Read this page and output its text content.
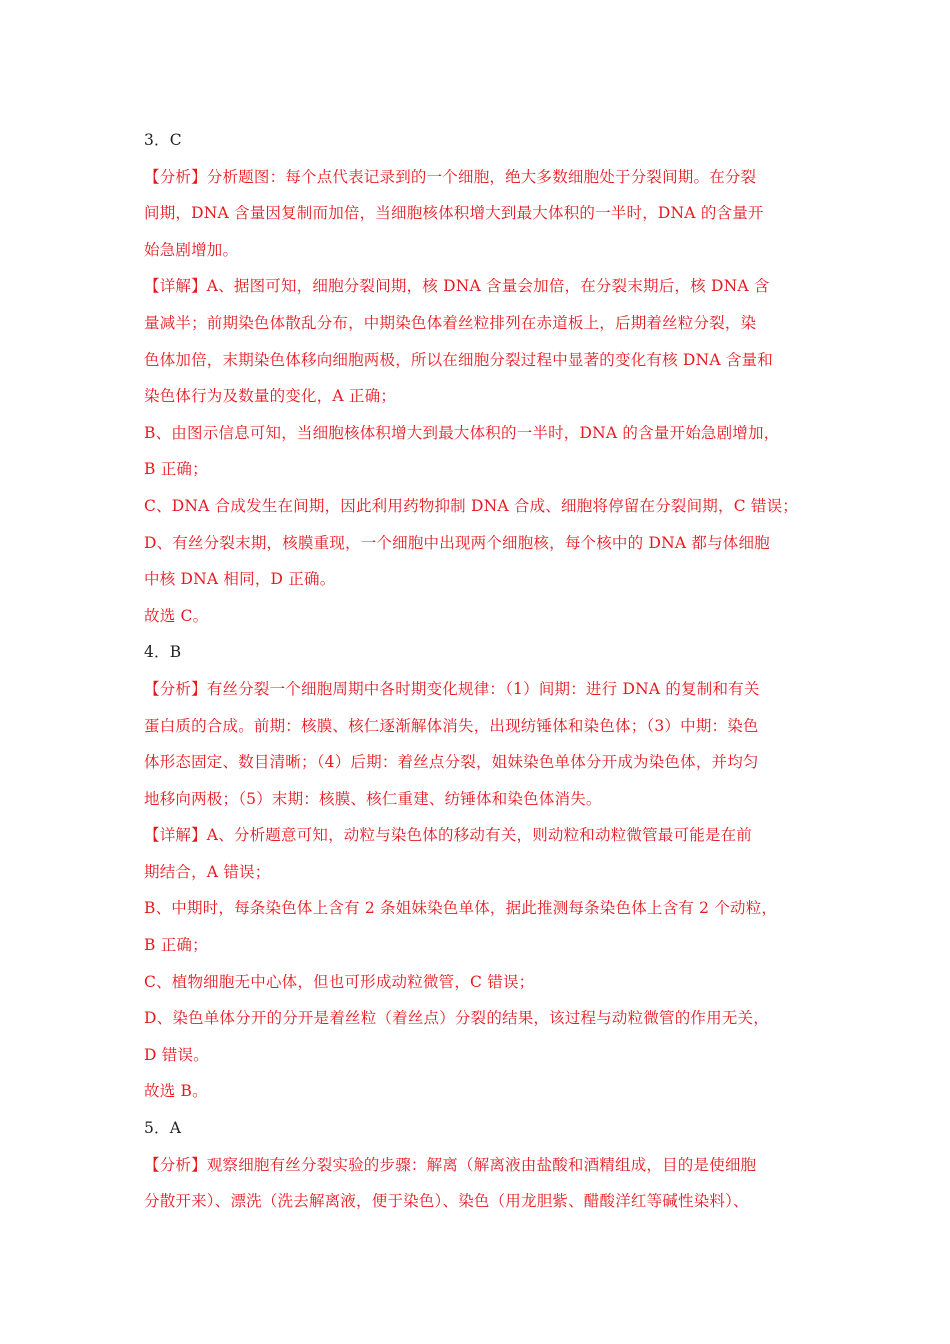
3．C
【分析】分析题图：每个点代表记录到的一个细胞，绝大多数细胞处于分裂间期。在分裂
间期，DNA 含量因复制而加倍，当细胞核体积增大到最大体积的一半时，DNA 的含量开
始急剧增加。
【详解】A、据图可知，细胞分裂间期，核 DNA 含量会加倍，在分裂末期后，核 DNA 含
量减半；前期染色体散乱分布，中期染色体着丝粒排列在赤道板上，后期着丝粒分裂，染
色体加倍，末期染色体移向细胞两极，所以在细胞分裂过程中显著的变化有核 DNA 含量和
染色体行为及数量的变化，A 正确；
B、由图示信息可知，当细胞核体积增大到最大体积的一半时，DNA 的含量开始急剧增加，
B 正确；
C、DNA 合成发生在间期，因此利用药物抑制 DNA 合成、细胞将停留在分裂间期，C 错误；
D、有丝分裂末期，核膜重现，一个细胞中出现两个细胞核，每个核中的 DNA 都与体细胞
中核 DNA 相同，D 正确。
故选 C。
4．B
【分析】有丝分裂一个细胞周期中各时期变化规律：（1）间期：进行 DNA 的复制和有关
蛋白质的合成。前期：核膜、核仁逐渐解体消失，出现纺锤体和染色体；（3）中期：染色
体形态固定、数目清晰；（4）后期：着丝点分裂，姐妹染色单体分开成为染色体，并均匀
地移向两极；（5）末期：核膜、核仁重建、纺锤体和染色体消失。
【详解】A、分析题意可知，动粒与染色体的移动有关，则动粒和动粒微管最可能是在前
期结合，A 错误；
B、中期时，每条染色体上含有 2 条姐妹染色单体，据此推测每条染色体上含有 2 个动粒，
B 正确；
C、植物细胞无中心体，但也可形成动粒微管，C 错误；
D、染色单体分开的分开是着丝粒（着丝点）分裂的结果，该过程与动粒微管的作用无关，
D 错误。
故选 B。
5．A
【分析】观察细胞有丝分裂实验的步骤：解离（解离液由盐酸和酒精组成，目的是使细胞
分散开来）、漂洗（洗去解离液，便于染色）、染色（用龙胆紫、醋酸洋红等碱性染料）、
